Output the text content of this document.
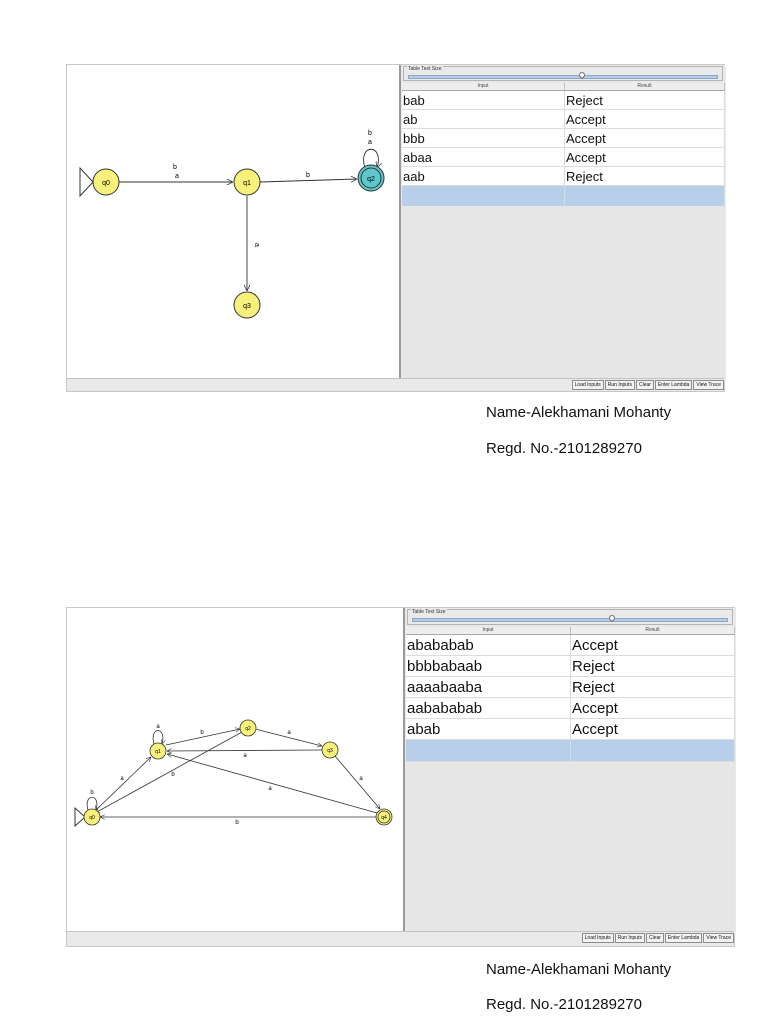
b
a	b
b
a
a
q0	q1
q2
q3
Table Text Size
Input	Result
bab	Reject
ab	Accept
bbb	Accept
abaa	Accept
aab	Reject
Load Inputs	Run Inputs	Clear	Enter Lambda	View Trace
Name-Alekhamani Mohanty
Regd. No.-2101289270
b
a
a
b	a
a
b
a
a
b
q0
q1
q2
q3
q4
Table Text Size
Input	Result
abababab	Accept
bbbbabaab	Reject
aaaabaaba	Reject
aabababab	Accept
abab	Accept
Load Inputs	Run Inputs	Clear	Enter Lambda	View Trace
Name-Alekhamani Mohanty
Regd. No.-2101289270
